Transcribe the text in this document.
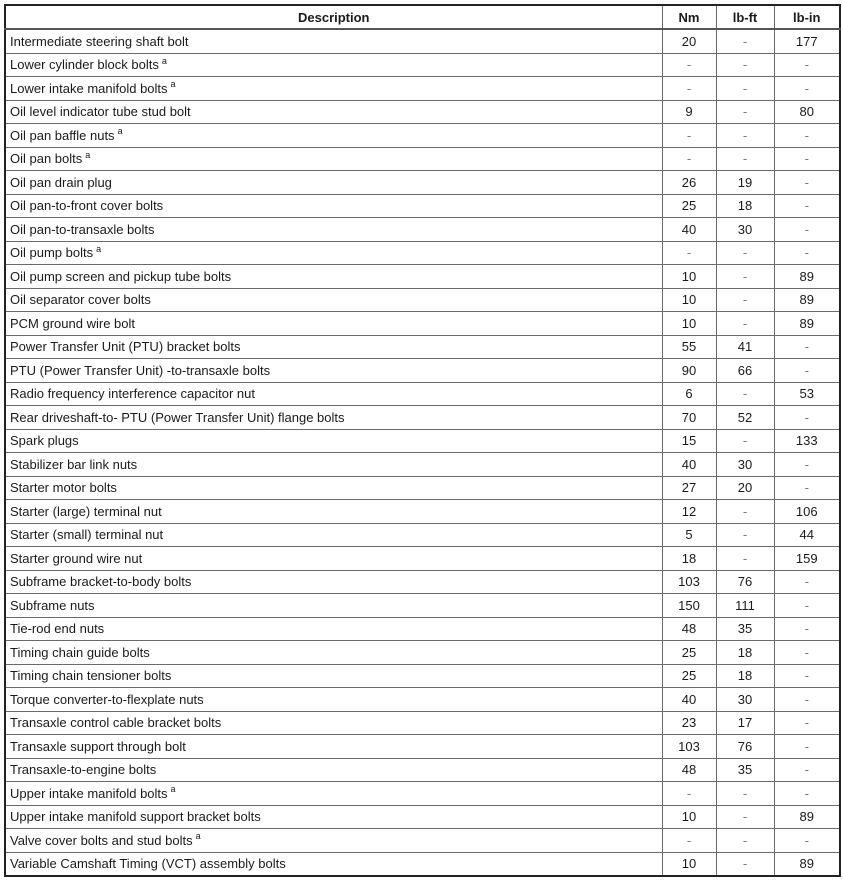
Description	Nm	lb-ft	lb-in
Intermediate steering shaft bolt	20	-	177
Lower cylinder block bolts $^a$	-	-	-
Lower intake manifold bolts $^a$	-	-	-
Oil level indicator tube stud bolt	9	-	80
Oil pan baffle nuts $^a$	-	-	-
Oil pan bolts $^a$	-	-	-
Oil pan drain plug	26	19	-
Oil pan-to-front cover bolts	25	18	-
Oil pan-to-transaxle bolts	40	30	-
Oil pump bolts $^a$	-	-	-
Oil pump screen and pickup tube bolts	10	-	89
Oil separator cover bolts	10	-	89
PCM ground wire bolt	10	-	89
Power Transfer Unit (PTU) bracket bolts	55	41	-
PTU (Power Transfer Unit) -to-transaxle bolts	90	66	-
Radio frequency interference capacitor nut	6	-	53
Rear driveshaft-to- PTU (Power Transfer Unit) flange bolts	70	52	-
Spark plugs	15	-	133
Stabilizer bar link nuts	40	30	-
Starter motor bolts	27	20	-
Starter (large) terminal nut	12	-	106
Starter (small) terminal nut	5	-	44
Starter ground wire nut	18	-	159
Subframe bracket-to-body bolts	103	76	-
Subframe nuts	150	111	-
Tie-rod end nuts	48	35	-
Timing chain guide bolts	25	18	-
Timing chain tensioner bolts	25	18	-
Torque converter-to-flexplate nuts	40	30	-
Transaxle control cable bracket bolts	23	17	-
Transaxle support through bolt	103	76	-
Transaxle-to-engine bolts	48	35	-
Upper intake manifold bolts $^a$	-	-	-
Upper intake manifold support bracket bolts	10	-	89
Valve cover bolts and stud bolts $^a$	-	-	-
Variable Camshaft Timing (VCT) assembly bolts	10	-	89
